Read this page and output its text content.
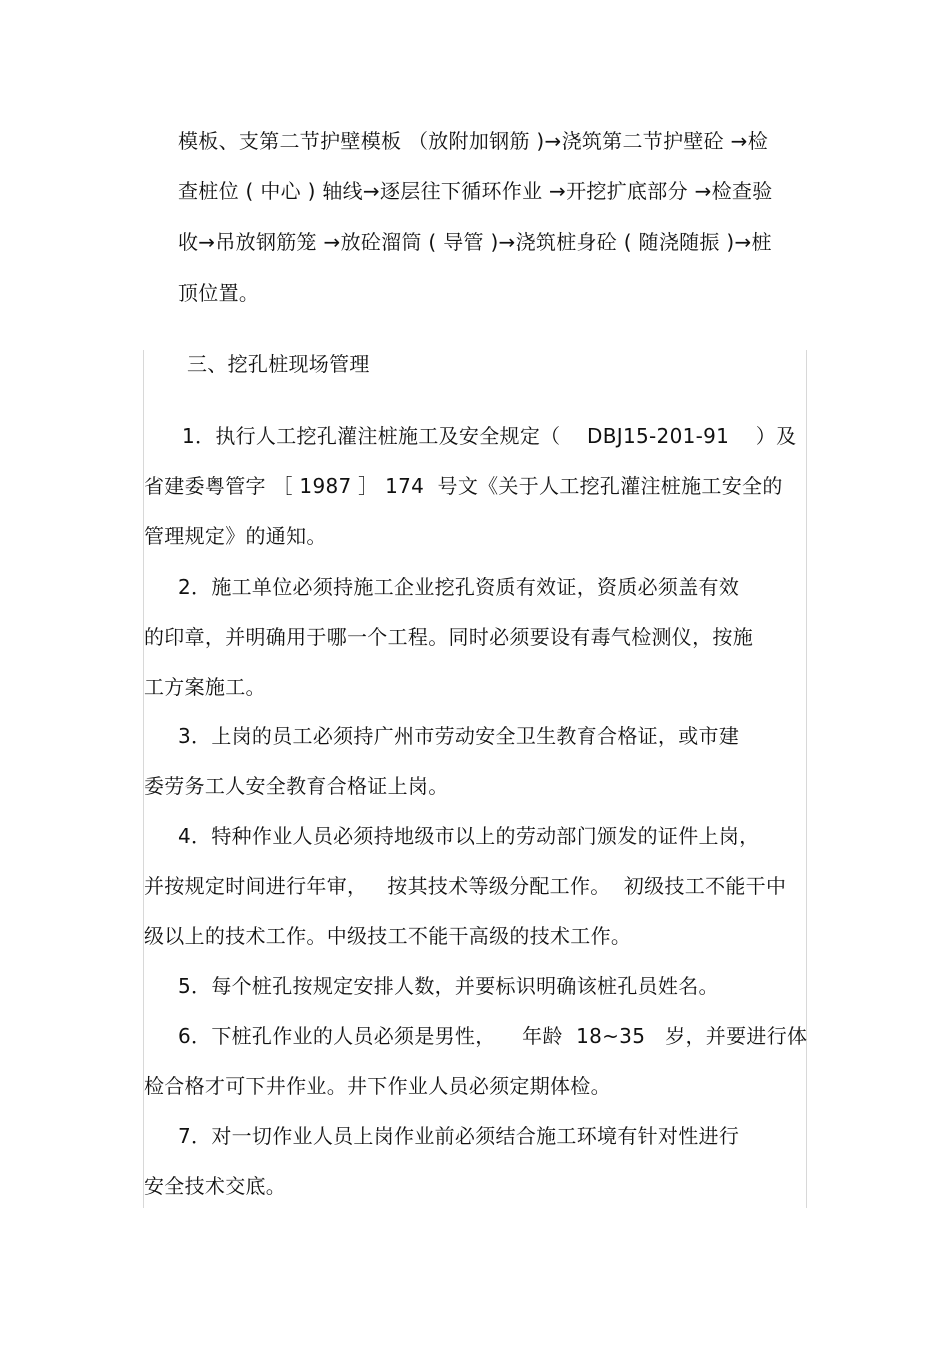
模板、支第二节护壁模板 （放附加钢筋 )→浇筑第二节护壁砼 →检
查桩位 ( 中心 ) 轴线→逐层往下循环作业 →开挖扩底部分 →检查验
收→吊放钢筋笼 →放砼溜筒 ( 导管 )→浇筑桩身砼 ( 随浇随振 )→桩
顶位置。
三、挖孔桩现场管理
1．执行人工挖孔灌注桩施工及安全规定（    DBJ15-201-91    ）及
省建委粤管字 ［ 1987 ］ 174  号文《关于人工挖孔灌注桩施工安全的
管理规定》的通知。
2．施工单位必须持施工企业挖孔资质有效证，资质必须盖有效
的印章，并明确用于哪一个工程。同时必须要设有毒气检测仪，按施
工方案施工。
3．上岗的员工必须持广州市劳动安全卫生教育合格证，或市建
委劳务工人安全教育合格证上岗。
4．特种作业人员必须持地级市以上的劳动部门颁发的证件上岗，
并按规定时间进行年审，   按其技术等级分配工作。  初级技工不能干中
级以上的技术工作。中级技工不能干高级的技术工作。
5．每个桩孔按规定安排人数，并要标识明确该桩孔员姓名。
6．下桩孔作业的人员必须是男性，    年龄  18~35   岁，并要进行体
检合格才可下井作业。井下作业人员必须定期体检。
7．对一切作业人员上岗作业前必须结合施工环境有针对性进行
安全技术交底。
